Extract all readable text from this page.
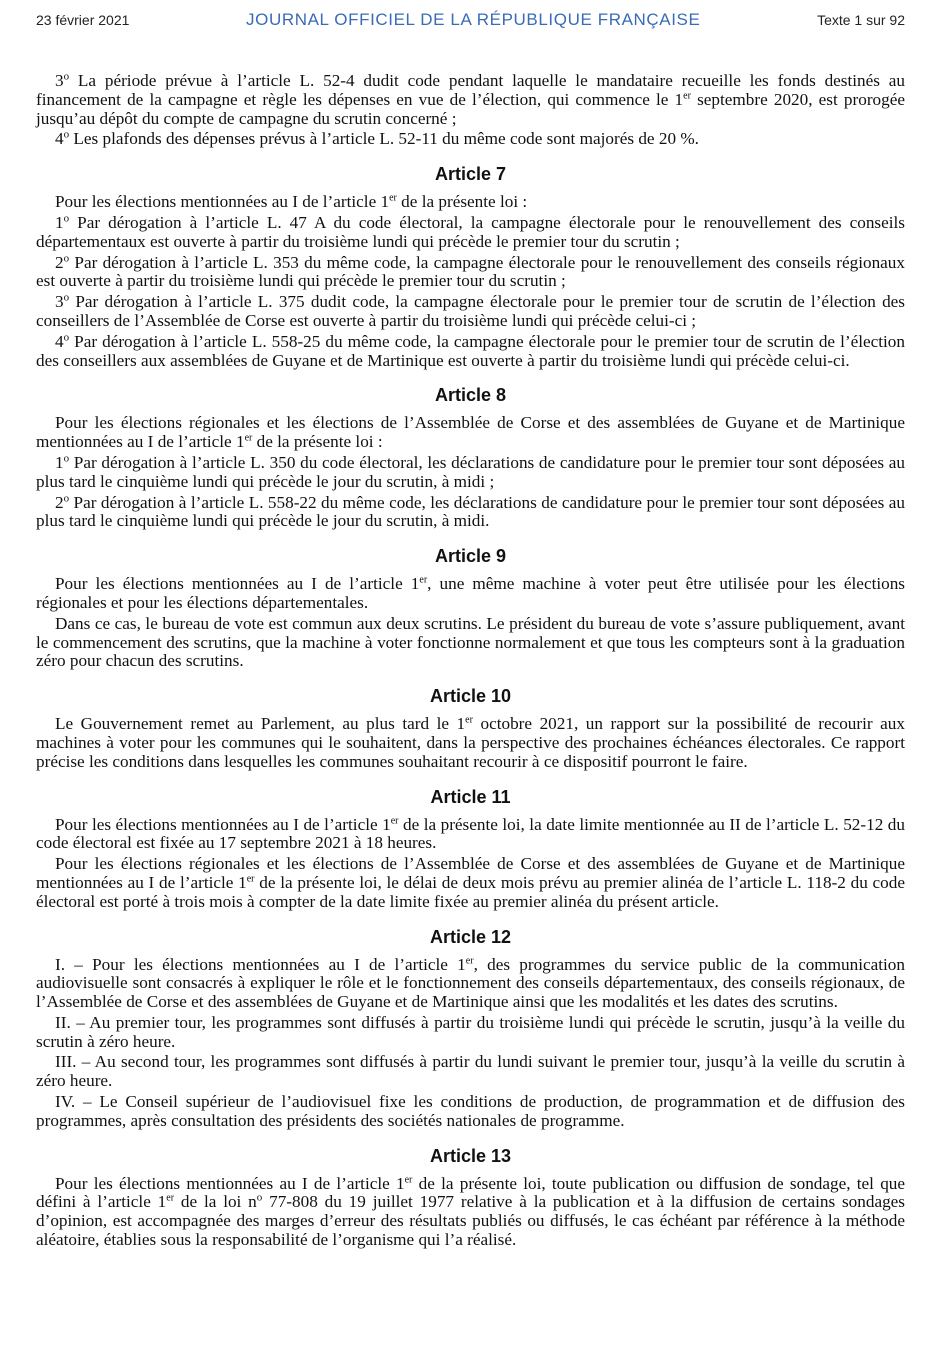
23 février 2021	JOURNAL OFFICIEL DE LA RÉPUBLIQUE FRANÇAISE	Texte 1 sur 92

3$^o$ La période prévue à l’article L. 52-4 dudit code pendant laquelle le mandataire recueille les fonds destinés au financement de la campagne et règle les dépenses en vue de l’élection, qui commence le 1er septembre 2020, est prorogée jusqu’au dépôt du compte de campagne du scrutin concerné ;

4$^o$ Les plafonds des dépenses prévus à l’article L. 52-11 du même code sont majorés de 20 %.

Article 7

Pour les élections mentionnées au I de l’article 1er de la présente loi :

1$^o$ Par dérogation à l’article L. 47 A du code électoral, la campagne électorale pour le renouvellement des conseils départementaux est ouverte à partir du troisième lundi qui précède le premier tour du scrutin ;

2$^o$ Par dérogation à l’article L. 353 du même code, la campagne électorale pour le renouvellement des conseils régionaux est ouverte à partir du troisième lundi qui précède le premier tour du scrutin ;

3$^o$ Par dérogation à l’article L. 375 dudit code, la campagne électorale pour le premier tour de scrutin de l’élection des conseillers de l’Assemblée de Corse est ouverte à partir du troisième lundi qui précède celui-ci ;

4$^o$ Par dérogation à l’article L. 558-25 du même code, la campagne électorale pour le premier tour de scrutin de l’élection des conseillers aux assemblées de Guyane et de Martinique est ouverte à partir du troisième lundi qui précède celui-ci.

Article 8

Pour les élections régionales et les élections de l’Assemblée de Corse et des assemblées de Guyane et de Martinique mentionnées au I de l’article 1er de la présente loi :

1$^o$ Par dérogation à l’article L. 350 du code électoral, les déclarations de candidature pour le premier tour sont déposées au plus tard le cinquième lundi qui précède le jour du scrutin, à midi ;

2$^o$ Par dérogation à l’article L. 558-22 du même code, les déclarations de candidature pour le premier tour sont déposées au plus tard le cinquième lundi qui précède le jour du scrutin, à midi.

Article 9

Pour les élections mentionnées au I de l’article 1er, une même machine à voter peut être utilisée pour les élections régionales et pour les élections départementales.

Dans ce cas, le bureau de vote est commun aux deux scrutins. Le président du bureau de vote s’assure publiquement, avant le commencement des scrutins, que la machine à voter fonctionne normalement et que tous les compteurs sont à la graduation zéro pour chacun des scrutins.

Article 10

Le Gouvernement remet au Parlement, au plus tard le 1er octobre 2021, un rapport sur la possibilité de recourir aux machines à voter pour les communes qui le souhaitent, dans la perspective des prochaines échéances électorales. Ce rapport précise les conditions dans lesquelles les communes souhaitant recourir à ce dispositif pourront le faire.

Article 11

Pour les élections mentionnées au I de l’article 1er de la présente loi, la date limite mentionnée au II de l’article L. 52-12 du code électoral est fixée au 17 septembre 2021 à 18 heures.

Pour les élections régionales et les élections de l’Assemblée de Corse et des assemblées de Guyane et de Martinique mentionnées au I de l’article 1er de la présente loi, le délai de deux mois prévu au premier alinéa de l’article L. 118-2 du code électoral est porté à trois mois à compter de la date limite fixée au premier alinéa du présent article.

Article 12

I. – Pour les élections mentionnées au I de l’article 1er, des programmes du service public de la communication audiovisuelle sont consacrés à expliquer le rôle et le fonctionnement des conseils départementaux, des conseils régionaux, de l’Assemblée de Corse et des assemblées de Guyane et de Martinique ainsi que les modalités et les dates des scrutins.

II. – Au premier tour, les programmes sont diffusés à partir du troisième lundi qui précède le scrutin, jusqu’à la veille du scrutin à zéro heure.

III. – Au second tour, les programmes sont diffusés à partir du lundi suivant le premier tour, jusqu’à la veille du scrutin à zéro heure.

IV. – Le Conseil supérieur de l’audiovisuel fixe les conditions de production, de programmation et de diffusion des programmes, après consultation des présidents des sociétés nationales de programme.

Article 13

Pour les élections mentionnées au I de l’article 1er de la présente loi, toute publication ou diffusion de sondage, tel que défini à l’article 1er de la loi $n^o$ 77-808 du 19 juillet 1977 relative à la publication et à la diffusion de certains sondages d’opinion, est accompagnée des marges d’erreur des résultats publiés ou diffusés, le cas échéant par référence à la méthode aléatoire, établies sous la responsabilité de l’organisme qui l’a réalisé.
